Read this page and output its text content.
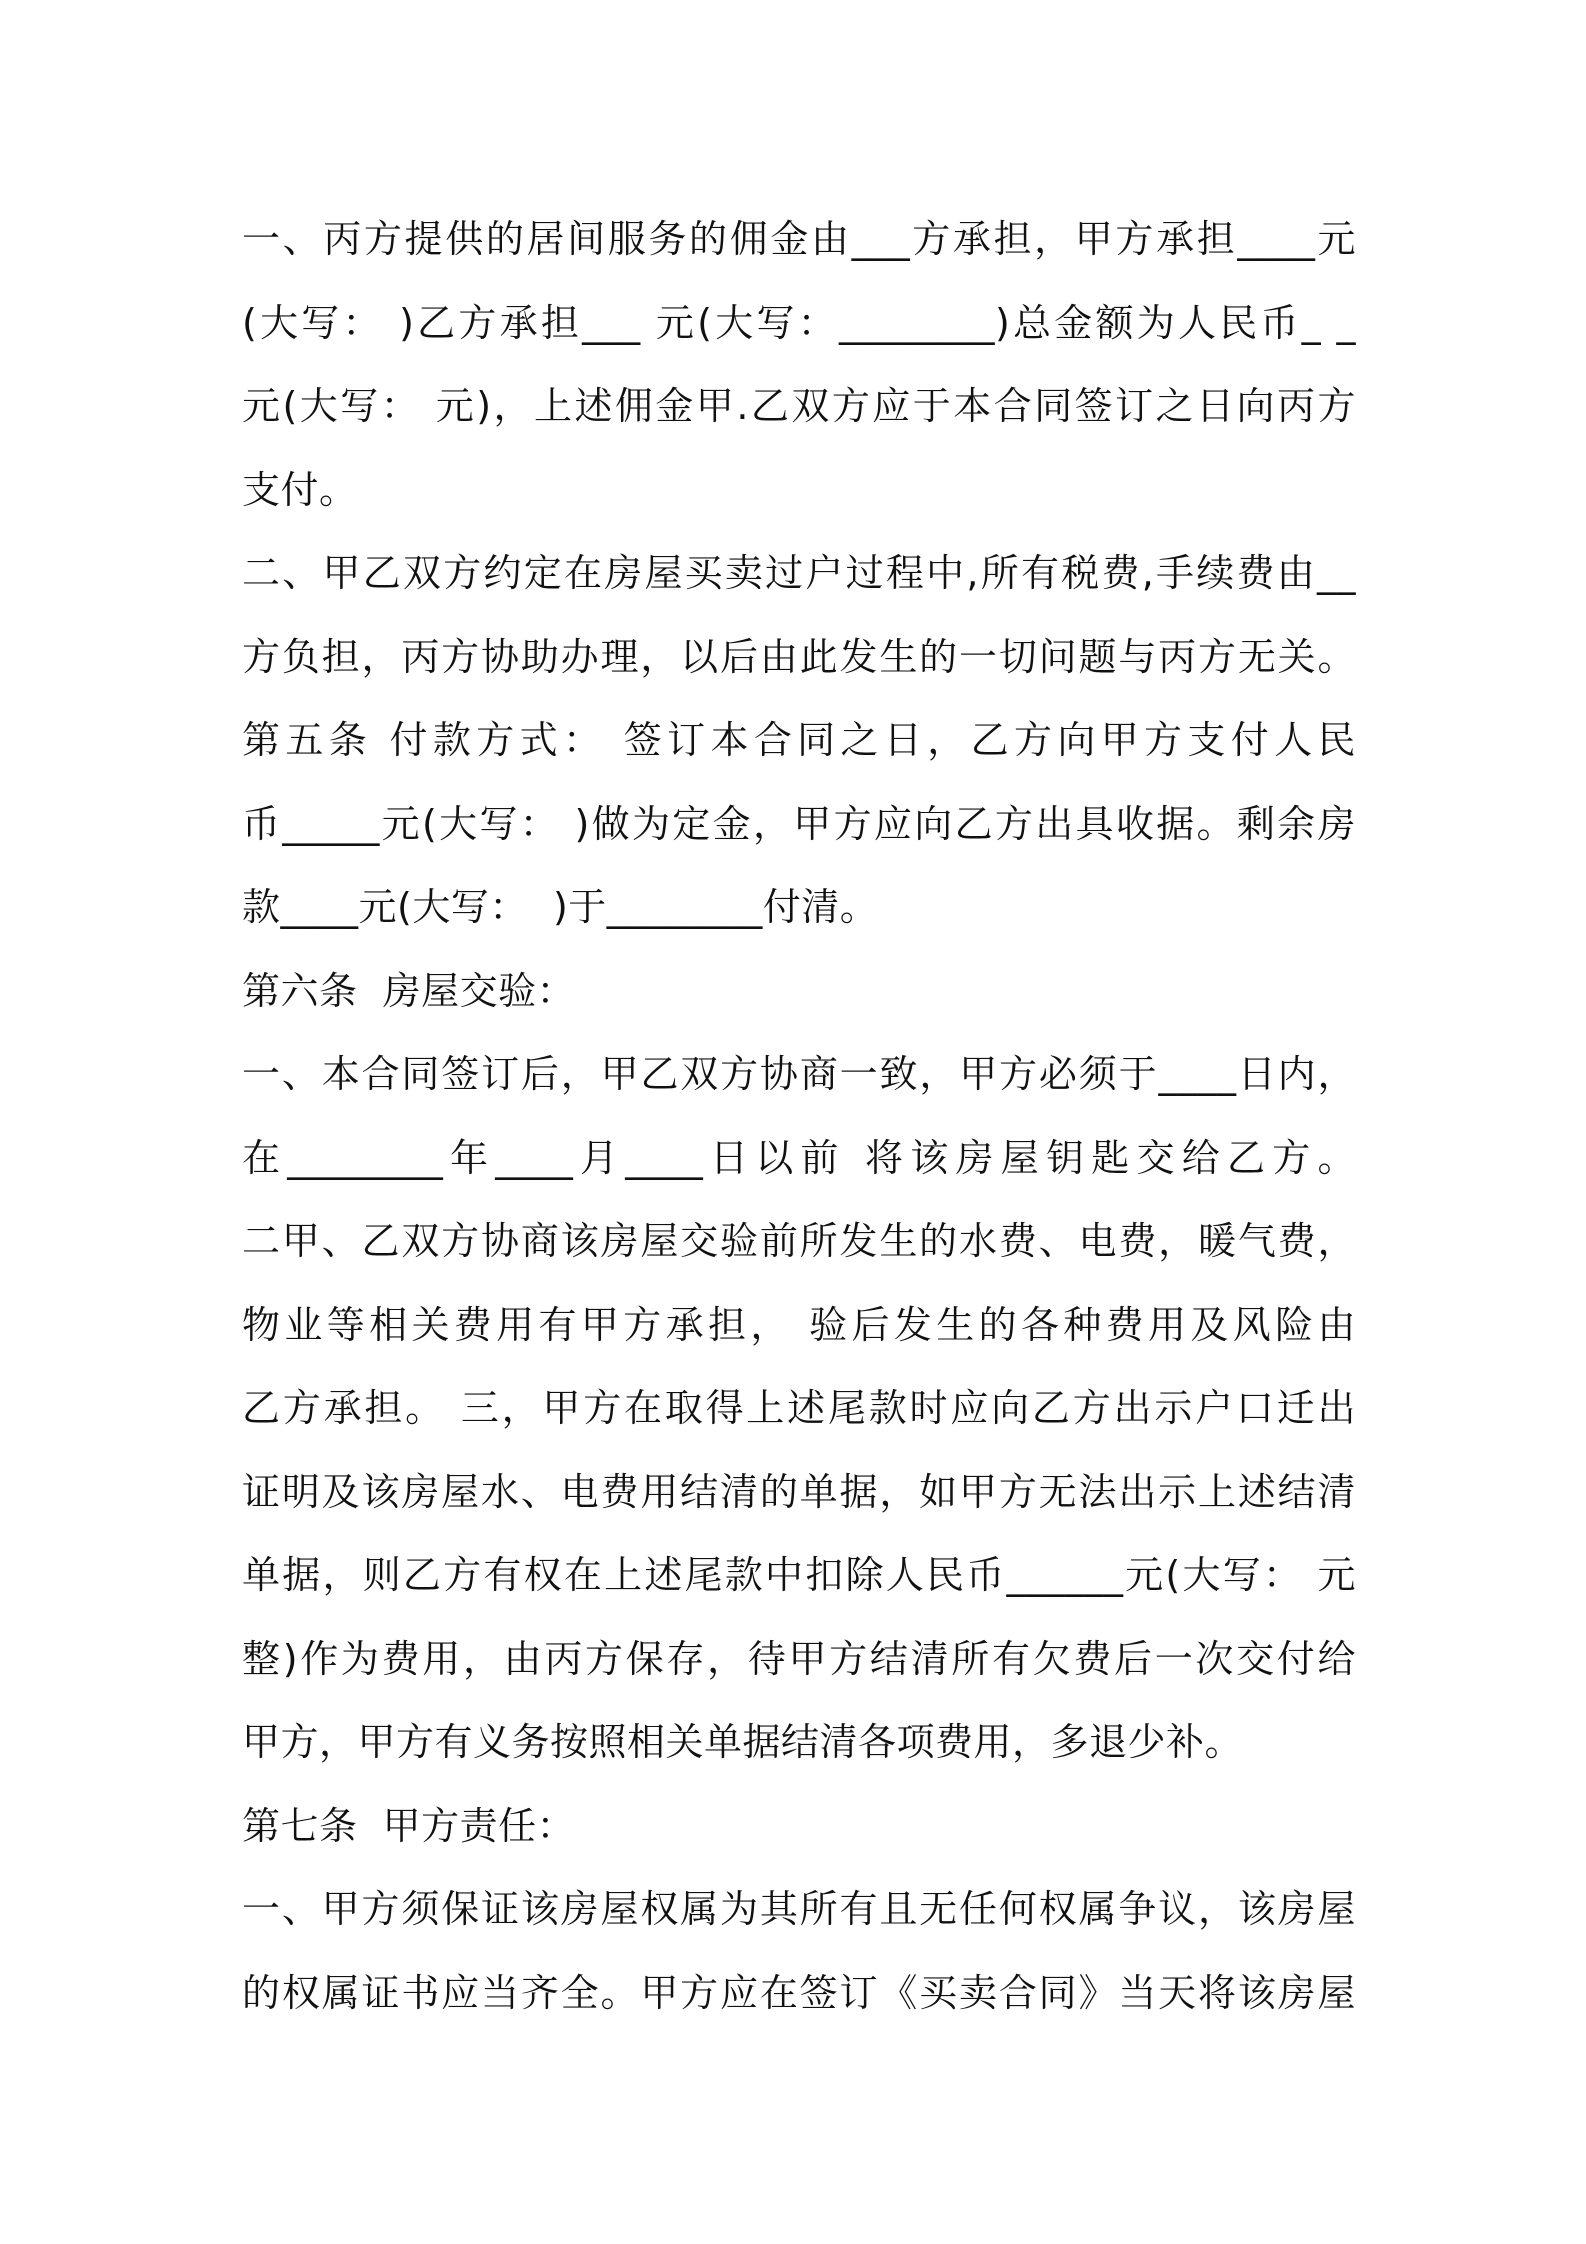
一、丙方提供的居间服务的佣金由___方承担，甲方承担____元
(大写： )乙方承担___ 元(大写：________)总金额为人民币_ _
元(大写： 元)，上述佣金甲.乙双方应于本合同签订之日向丙方
支付。
二、甲乙双方约定在房屋买卖过户过程中,所有税费,手续费由__
方负担，丙方协助办理，以后由此发生的一切问题与丙方无关。
第五条 付款方式： 签订本合同之日，乙方向甲方支付人民
币_____元(大写： )做为定金，甲方应向乙方出具收据。剩余房
款____元(大写：  )于________付清。
第六条  房屋交验：
一、本合同签订后，甲乙双方协商一致，甲方必须于____日内，
在________年____月____日以前 将该房屋钥匙交给乙方。
二甲、乙双方协商该房屋交验前所发生的水费、电费，暖气费，
物业等相关费用有甲方承担， 验后发生的各种费用及风险由
乙方承担。 三，甲方在取得上述尾款时应向乙方出示户口迁出
证明及该房屋水、电费用结清的单据，如甲方无法出示上述结清
单据，则乙方有权在上述尾款中扣除人民币______元(大写： 元
整)作为费用，由丙方保存，待甲方结清所有欠费后一次交付给
甲方，甲方有义务按照相关单据结清各项费用，多退少补。
第七条  甲方责任：
一、甲方须保证该房屋权属为其所有且无任何权属争议，该房屋
的权属证书应当齐全。甲方应在签订《买卖合同》当天将该房屋
